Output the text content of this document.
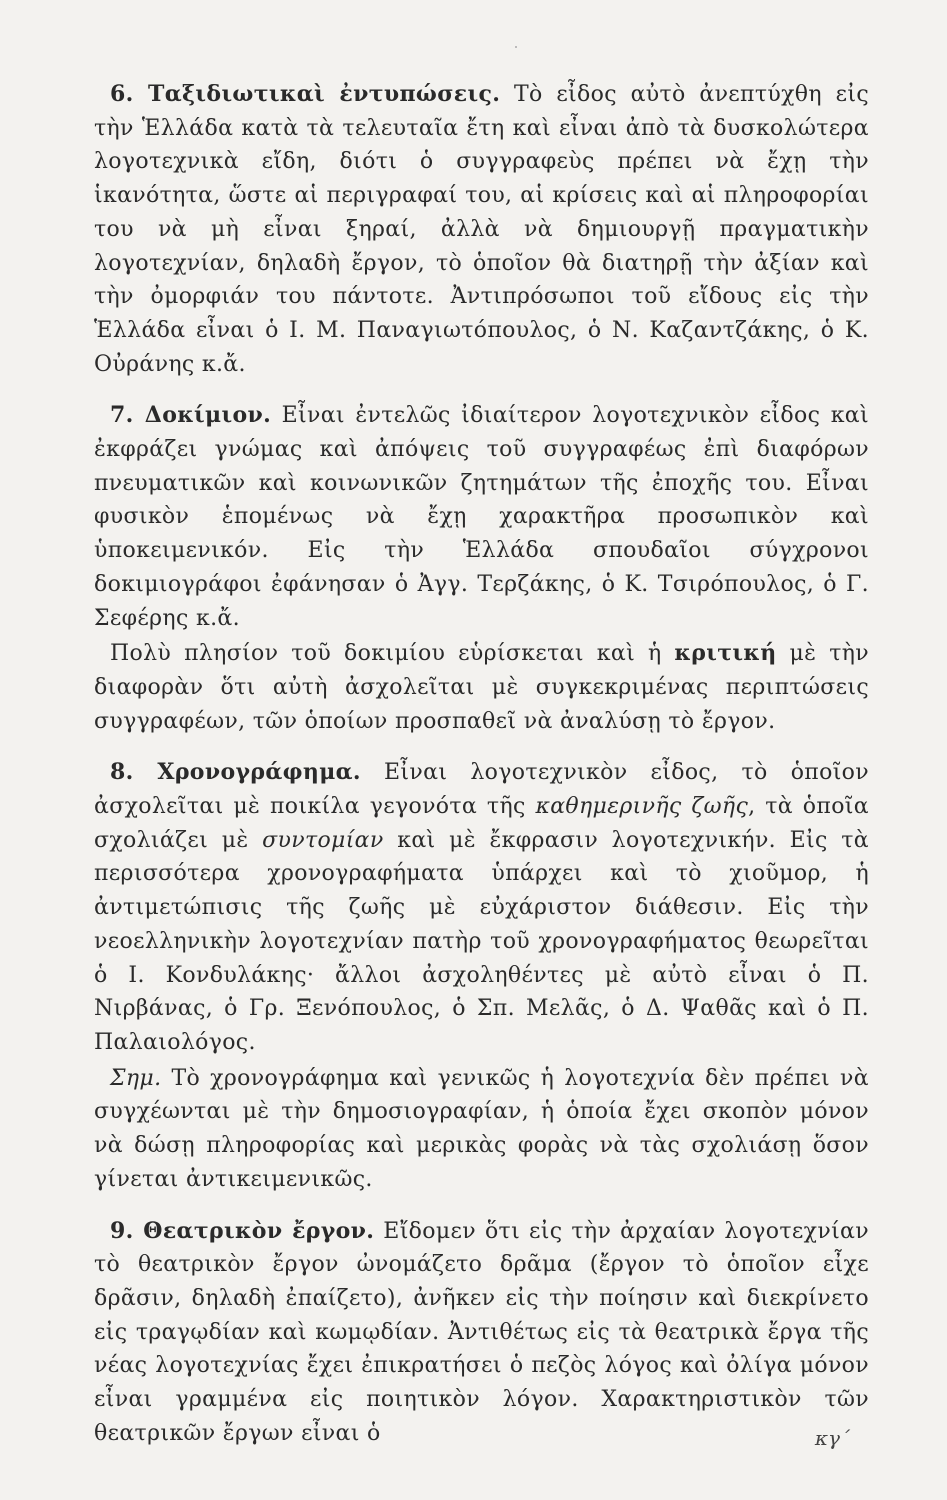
6. Ταξιδιωτικαὶ ἐντυπώσεις. Τὸ εἶδος αὐτὸ ἀνεπτύχθη εἰς τὴν Ἑλλάδα κατὰ τὰ τελευταῖα ἔτη καὶ εἶναι ἀπὸ τὰ δυσκολώτερα λογοτεχνικὰ εἴδη, διότι ὁ συγγραφεὺς πρέπει νὰ ἔχῃ τὴν ἱκανότητα, ὥστε αἱ περιγραφαί του, αἱ κρίσεις καὶ αἱ πληροφορίαι του νὰ μὴ εἶναι ξηραί, ἀλλὰ νὰ δημιουργῇ πραγματικὴν λογοτεχνίαν, δηλαδὴ ἔργον, τὸ ὁποῖον θὰ διατηρῇ τὴν ἀξίαν καὶ τὴν ὀμορφιάν του πάντοτε. Ἀντιπρόσωποι τοῦ εἴδους εἰς τὴν Ἑλλάδα εἶναι ὁ Ι. Μ. Παναγιωτόπουλος, ὁ Ν. Καζαντζάκης, ὁ Κ. Οὐράνης κ.ἄ.

7. Δοκίμιον. Εἶναι ἐντελῶς ἰδιαίτερον λογοτεχνικὸν εἶδος καὶ ἐκφράζει γνώμας καὶ ἀπόψεις τοῦ συγγραφέως ἐπὶ διαφόρων πνευματικῶν καὶ κοινωνικῶν ζητημάτων τῆς ἐποχῆς του. Εἶναι φυσικὸν ἑπομένως νὰ ἔχῃ χαρακτῆρα προσωπικὸν καὶ ὑποκειμενικόν. Εἰς τὴν Ἑλλάδα σπουδαῖοι σύγχρονοι δοκιμιογράφοι ἐφάνησαν ὁ Ἀγγ. Τερζάκης, ὁ Κ. Τσιρόπουλος, ὁ Γ. Σεφέρης κ.ἄ.

Πολὺ πλησίον τοῦ δοκιμίου εὑρίσκεται καὶ ἡ κριτική μὲ τὴν διαφορὰν ὅτι αὐτὴ ἀσχολεῖται μὲ συγκεκριμένας περιπτώσεις συγγραφέων, τῶν ὁποίων προσπαθεῖ νὰ ἀναλύσῃ τὸ ἔργον.

8. Χρονογράφημα. Εἶναι λογοτεχνικὸν εἶδος, τὸ ὁποῖον ἀσχολεῖται μὲ ποικίλα γεγονότα τῆς καθημερινῆς ζωῆς, τὰ ὁποῖα σχολιάζει μὲ συντομίαν καὶ μὲ ἔκφρασιν λογοτεχνικήν. Εἰς τὰ περισσότερα χρονογραφήματα ὑπάρχει καὶ τὸ χιοῦμορ, ἡ ἀντιμετώπισις τῆς ζωῆς μὲ εὐχάριστον διάθεσιν. Εἰς τὴν νεοελληνικὴν λογοτεχνίαν πατὴρ τοῦ χρονογραφήματος θεωρεῖται ὁ Ι. Κονδυλάκης· ἄλλοι ἀσχοληθέντες μὲ αὐτὸ εἶναι ὁ Π. Νιρβάνας, ὁ Γρ. Ξενόπουλος, ὁ Σπ. Μελᾶς, ὁ Δ. Ψαθᾶς καὶ ὁ Π. Παλαιολόγος.

Σημ. Τὸ χρονογράφημα καὶ γενικῶς ἡ λογοτεχνία δὲν πρέπει νὰ συγχέωνται μὲ τὴν δημοσιογραφίαν, ἡ ὁποία ἔχει σκοπὸν μόνον νὰ δώσῃ πληροφορίας καὶ μερικὰς φορὰς νὰ τὰς σχολιάσῃ ὅσον γίνεται ἀντικειμενικῶς.

9. Θεατρικὸν ἔργον. Εἴδομεν ὅτι εἰς τὴν ἀρχαίαν λογοτεχνίαν τὸ θεατρικὸν ἔργον ὠνομάζετο δρᾶμα (ἔργον τὸ ὁποῖον εἶχε δρᾶσιν, δηλαδὴ ἐπαίζετο), ἀνῆκεν εἰς τὴν ποίησιν καὶ διεκρίνετο εἰς τραγῳδίαν καὶ κωμῳδίαν. Ἀντιθέτως εἰς τὰ θεατρικὰ ἔργα τῆς νέας λογοτεχνίας ἔχει ἐπικρατήσει ὁ πεζὸς λόγος καὶ ὀλίγα μόνον εἶναι γραμμένα εἰς ποιητικὸν λόγον. Χαρακτηριστικὸν τῶν θεατρικῶν ἔργων εἶναι ὁ	κγ΄
